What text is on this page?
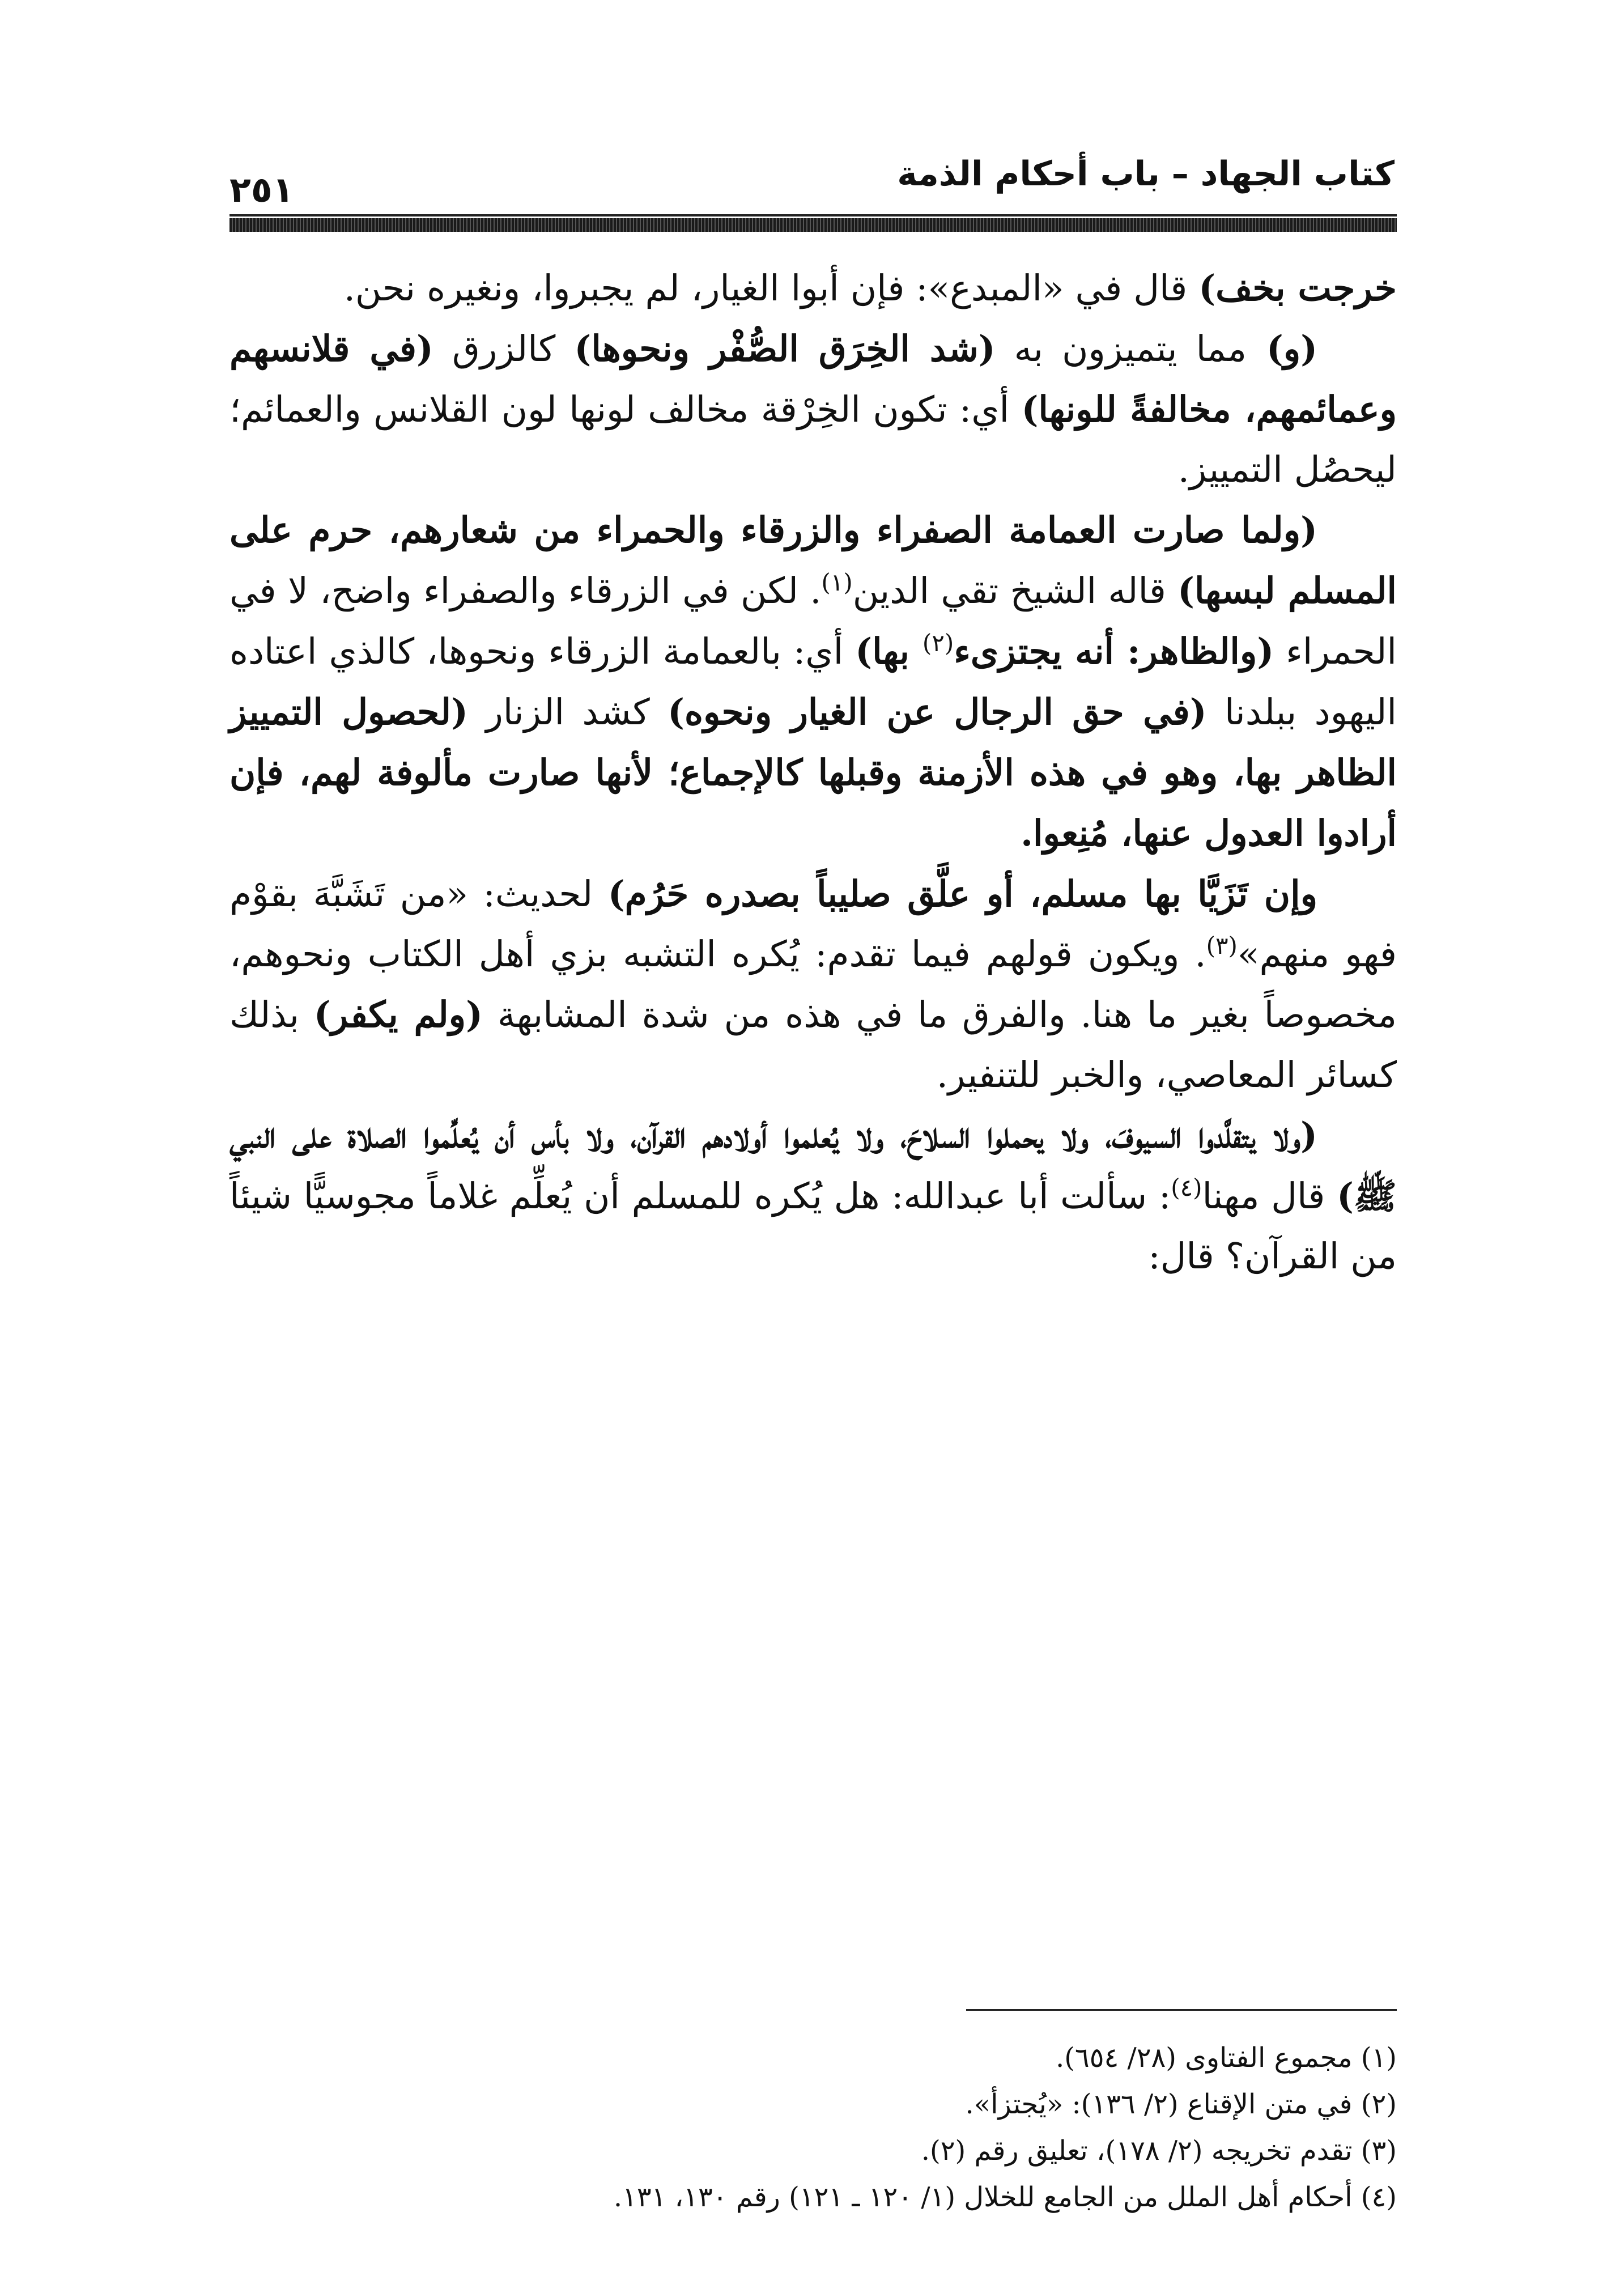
كتاب الجهاد – باب أحكام الذمة
٢٥١

خرجت بخف) قال في «المبدع»: فإن أبوا الغيار، لم يجبروا، ونغيره نحن.

(و) مما يتميزون به (شد الخِرَق الصُّفْر ونحوها) كالزرق (في قلانسهم وعمائمهم، مخالفةً للونها) أي: تكون الخِرْقة مخالف لونها لون القلانس والعمائم؛ ليحصُل التمييز.

(ولما صارت العمامة الصفراء والزرقاء والحمراء من شعارهم، حرم على المسلم لبسها) قاله الشيخ تقي الدين$^{(١)}$. لكن في الزرقاء والصفراء واضح، لا في الحمراء (والظاهر: أنه يجتزىء$^{(٢)}$ بها) أي: بالعمامة الزرقاء ونحوها، كالذي اعتاده اليهود ببلدنا (في حق الرجال عن الغيار ونحوه) كشد الزنار (لحصول التمييز الظاهر بها، وهو في هذه الأزمنة وقبلها كالإجماع؛ لأنها صارت مألوفة لهم، فإن أرادوا العدول عنها، مُنِعوا.

وإن تَزَيَّا بها مسلم، أو علَّق صليباً بصدره حَرُم) لحديث: «من تَشَبَّهَ بقوْم فهو منهم»$^{(٣)}$. ويكون قولهم فيما تقدم: يُكره التشبه بزي أهل الكتاب ونحوهم، مخصوصاً بغير ما هنا. والفرق ما في هذه من شدة المشابهة (ولم يكفر) بذلك كسائر المعاصي، والخبر للتنفير.

(ولا يتقلَّدوا السيوفَ، ولا يحملوا السلاحَ، ولا يُعلموا أولادهم القرآن، ولا بأس أن يُعلِّموا الصلاة على النبي ﷺ) قال مهنا$^{(٤)}$: سألت أبا عبدالله: هل يُكره للمسلم أن يُعلِّم غلاماً مجوسيًّا شيئاً من القرآن؟ قال:

(١) مجموع الفتاوى (٢٨/ ٦٥٤).
(٢) في متن الإقناع (٢/ ١٣٦): «يُجتزأ».
(٣) تقدم تخريجه (٢/ ١٧٨)، تعليق رقم (٢).
(٤) أحكام أهل الملل من الجامع للخلال (١/ ١٢٠ ـ ١٢١) رقم ١٣٠، ١٣١.
